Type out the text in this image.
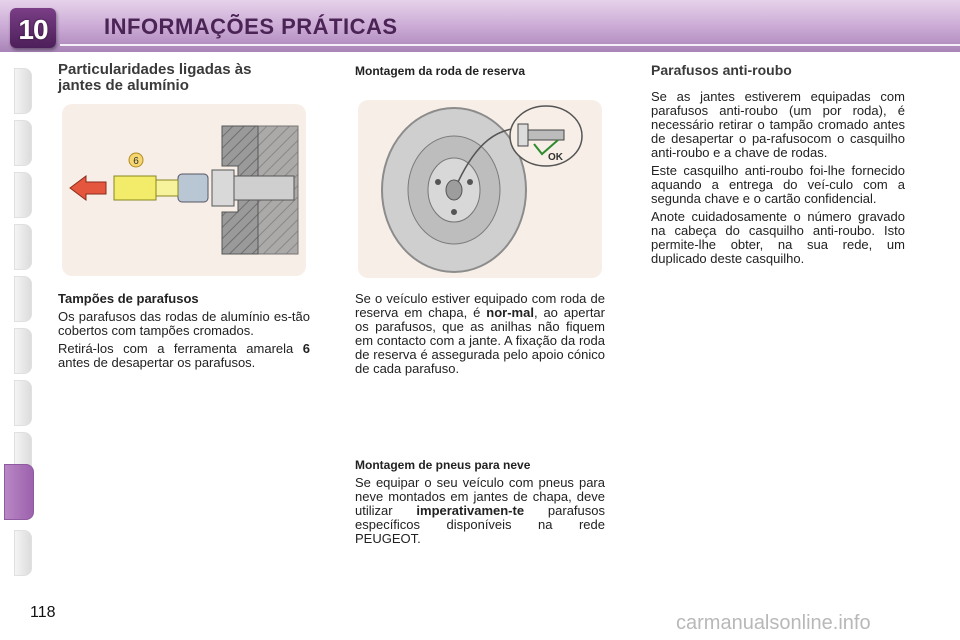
10	INFORMAÇÕES PRÁTICAS
Particularidades ligadas às
jantes de alumínio
6

Tampões de parafusos

Os parafusos das rodas de alumínio es-tão cobertos com tampões cromados.

Retirá-los com a ferramenta amarela 6 antes de desapertar os parafusos.

Montagem da roda de reserva
OK

Se o veículo estiver equipado com roda de reserva em chapa, é nor-mal, ao apertar os parafusos, que as anilhas não fiquem em contacto com a jante. A fixação da roda de reserva é assegurada pelo apoio cónico de cada parafuso.

Montagem de pneus para neve

Se equipar o seu veículo com pneus para neve montados em jantes de chapa, deve utilizar imperativamen-te parafusos específicos disponíveis na rede PEUGEOT.

Parafusos anti-roubo

Se as jantes estiverem equipadas com parafusos anti-roubo (um por roda), é necessário retirar o tampão cromado antes de desapertar o pa-rafusocom o casquilho anti-roubo e a chave de rodas.

Este casquilho anti-roubo foi-lhe fornecido aquando a entrega do veí-culo com a segunda chave e o cartão confidencial.

Anote cuidadosamente o número gravado na cabeça do casquilho anti-roubo. Isto permite-lhe obter, na sua rede, um duplicado deste casquilho.

118	carmanualsonline.info
